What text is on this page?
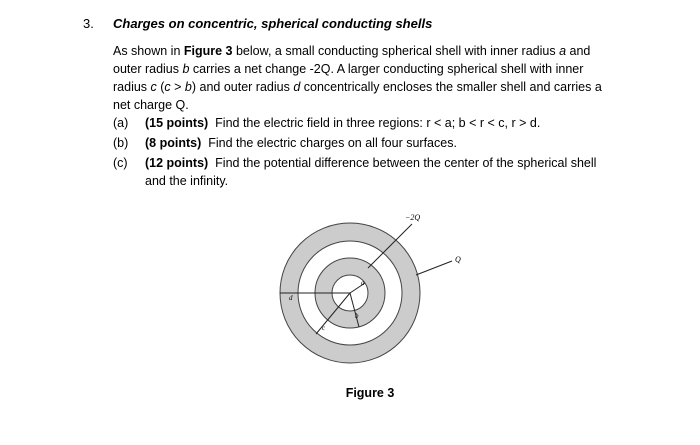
3. Charges on concentric, spherical conducting shells
As shown in Figure 3 below, a small conducting spherical shell with inner radius a and
outer radius b carries a net change -2Q. A larger conducting spherical shell with inner
radius c (c > b) and outer radius d concentrically encloses the smaller shell and carries a
net charge Q.
(a) (15 points) Find the electric field in three regions: r < a; b < r < c, r > d.
(b) (8 points) Find the electric charges on all four surfaces.
(c) (12 points) Find the potential difference between the center of the spherical shell
and the infinity.
−2Q
Q
a
b
c
d
Figure 3
